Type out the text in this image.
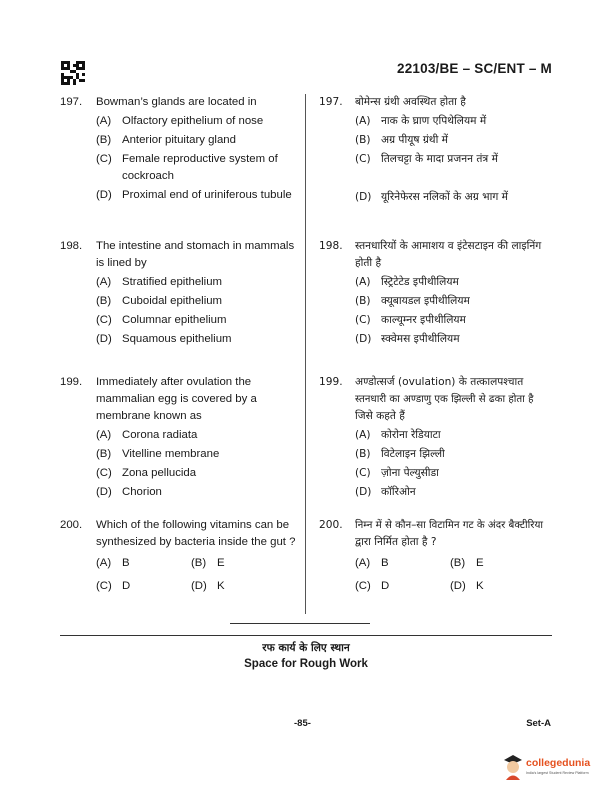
22103/BE – SC/ENT – M
197.	Bowman’s glands are located in
(A) Olfactory epithelium of nose
(B) Anterior pituitary gland
(C) Female reproductive system of cockroach
(D) Proximal end of uriniferous tubule
198.	The intestine and stomach in mammals
is lined by
(A) Stratified epithelium
(B) Cuboidal epithelium
(C) Columnar epithelium
(D) Squamous epithelium
199.	Immediately after ovulation the
mammalian egg is covered by a
membrane known as
(A) Corona radiata
(B) Vitelline membrane
(C) Zona pellucida
(D) Chorion
200.	Which of the following vitamins can be
synthesized by bacteria inside the gut ?
(A) B	(B) E
(C) D	(D) K
197.	बोमेन्स ग्रंथी अवस्थित होता है
(A) नाक के घ्राण एपिथेलियम में
(B) अग्र पीयूष ग्रंथी में
(C) तिलचट्टा के मादा प्रजनन तंत्र में
(D) यूरिनेफेरस नलिकों के अग्र भाग में
198.	स्तनधारियों के आमाशय व इंटेसटाइन की लाइनिंग
होती है
(A) स्ट्रिटेटेड इपीथीलियम
(B) क्यूबायडल इपीथीलियम
(C) काल्यूम्नर इपीथीलियम
(D) स्क्वेमस इपीथीलियम
199.	अण्डोत्सर्ज (ovulation) के तत्कालपश्चात
स्तनधारी का अण्डाणु एक झिल्ली से ढका होता है
जिसे कहते हैं
(A) कोरोना रेडियाटा
(B) विटेलाइन झिल्ली
(C) ज़ोना पेल्युसीडा
(D) कॉरिओन
200.	निम्न में से कौन–सा विटामिन गट के अंदर बैक्टीरिया
द्वारा निर्मित होता है ?
(A) B	(B) E
(C) D	(D) K
रफ कार्य के लिए स्थान
Space for Rough Work
-85-	Set-A
collegedunia
India's largest Student Review Platform
